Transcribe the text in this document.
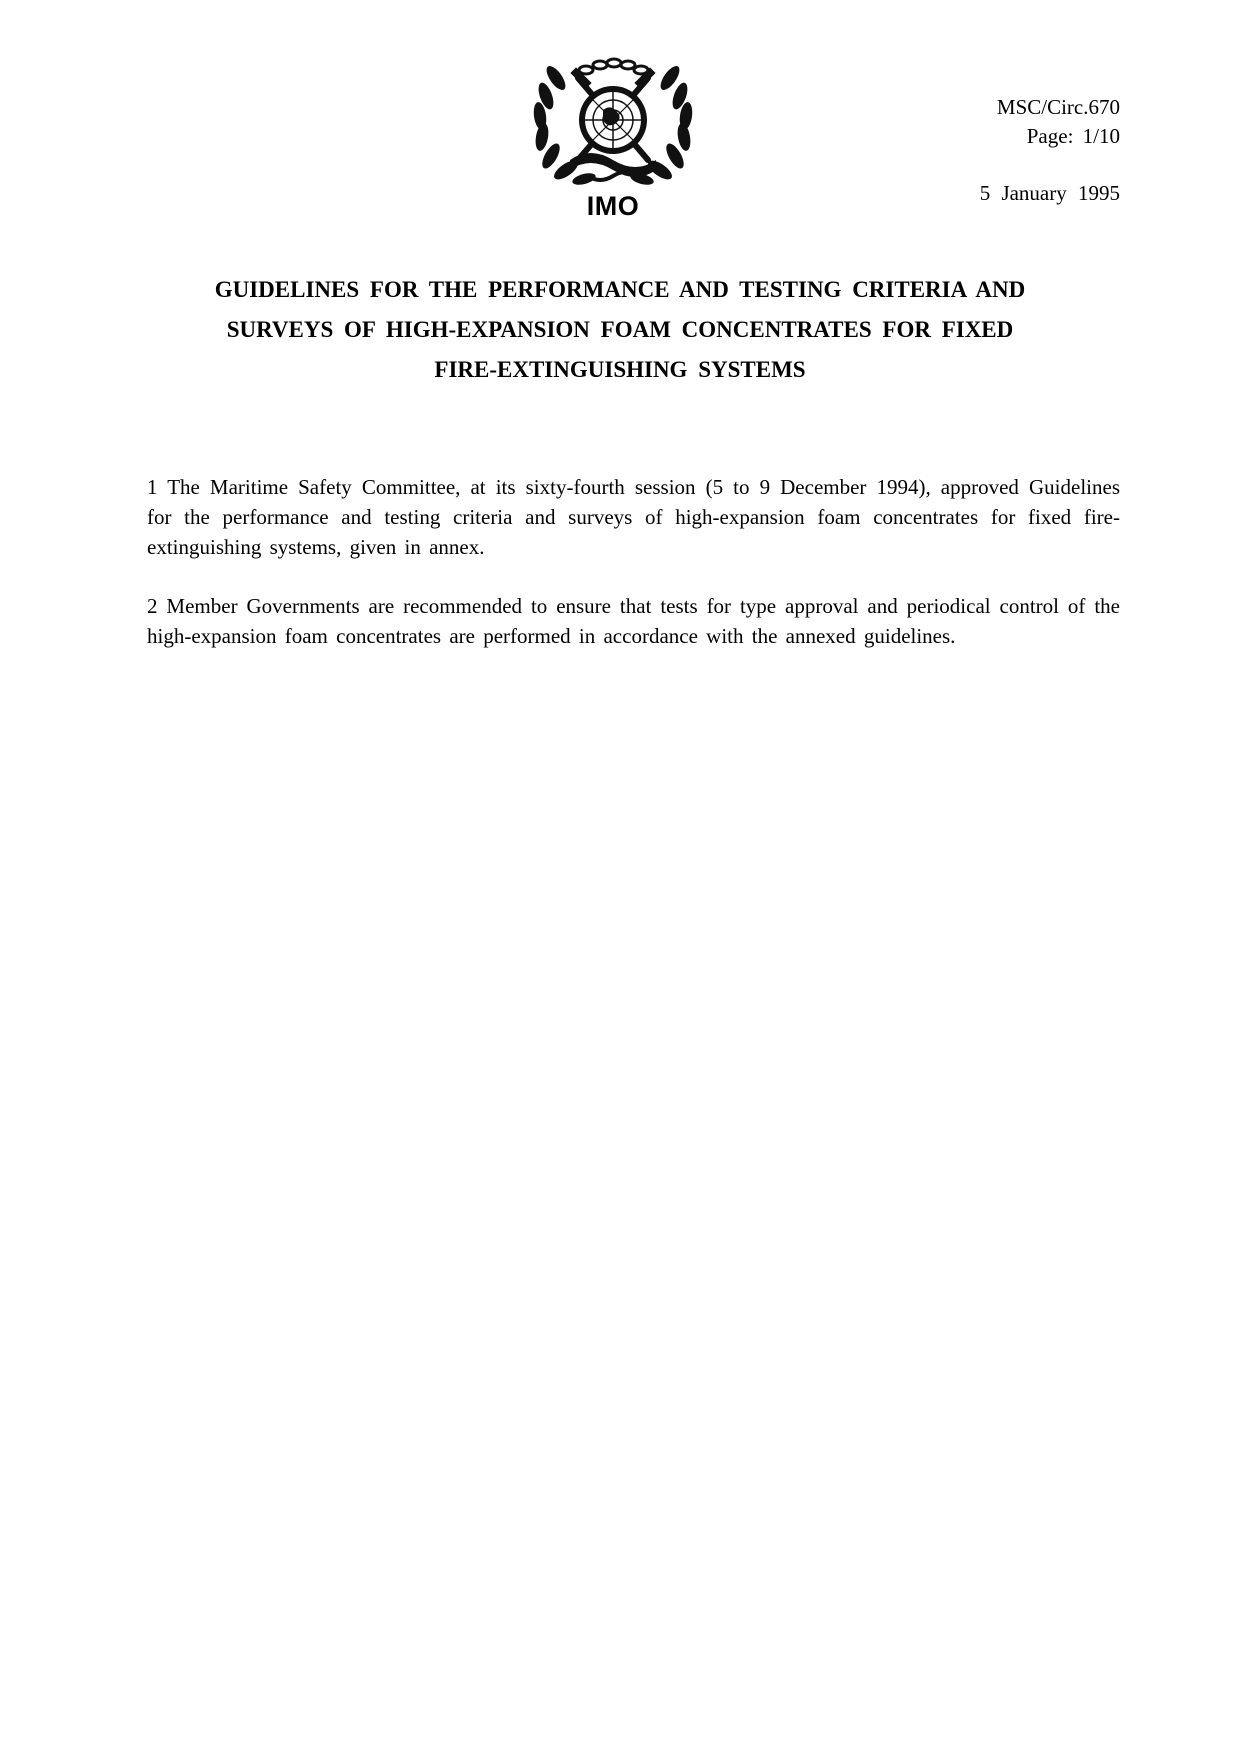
IMO
MSC/Circ.670
Page: 1/10
5 January 1995
GUIDELINES FOR THE PERFORMANCE AND TESTING CRITERIA AND
SURVEYS OF HIGH-EXPANSION FOAM CONCENTRATES FOR FIXED
FIRE-EXTINGUISHING SYSTEMS

1 The Maritime Safety Committee, at its sixty-fourth session (5 to 9 December 1994), approved Guidelines for the performance and testing criteria and surveys of high-expansion foam concentrates for fixed fire-extinguishing systems, given in annex.

2 Member Governments are recommended to ensure that tests for type approval and periodical control of the high-expansion foam concentrates are performed in accordance with the annexed guidelines.
